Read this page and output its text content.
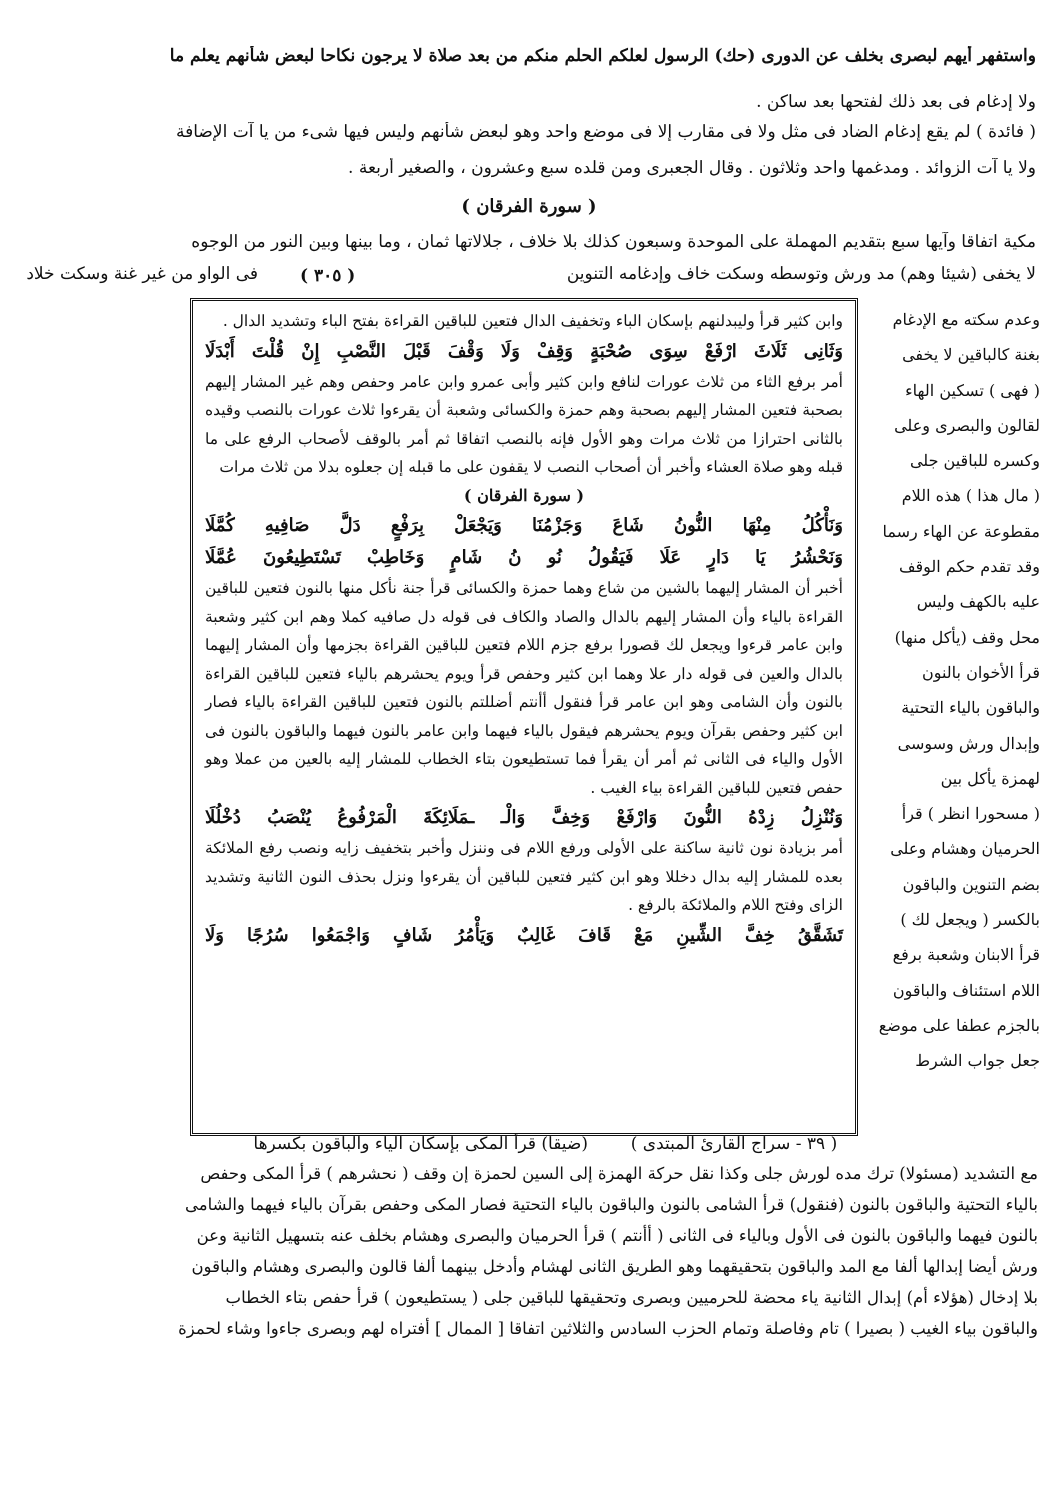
واستفهر أيهم لبصرى بخلف عن الدورى (حك) الرسول لعلكم الحلم منكم من بعد صلاة لا يرجون نكاحا لبعض شأنهم يعلم ما
ولا إدغام فى بعد ذلك لفتحها بعد ساكن .
( فائدة ) لم يقع إدغام الضاد فى مثل ولا فى مقارب إلا فى موضع واحد وهو لبعض شأنهم وليس فيها شىء من يا آت الإضافة
ولا يا آت الزوائد . ومدغمها واحد وثلاثون . وقال الجعبرى ومن قلده سبع وعشرون ، والصغير أربعة .
( سورة الفرقان )
مكية اتفاقا وآيها سبع بتقديم المهملة على الموحدة وسبعون كذلك بلا خلاف ، جلالاتها ثمان ، وما بينها وبين النور من الوجوه
لا يخفى (شيئا وهم) مد ورش وتوسطه وسكت خاف وإدغامه التنوين
فى الواو من غير غنة وسكت خلاد ( ٣٠٥ )

وابن كثير قرأ وليبدلنهم بإسكان الباء وتخفيف الدال فتعين للباقين القراءة بفتح الباء وتشديد الدال .

وَثَانِى ثَلَاثَ ارْفَعْ سِوَى صُحْبَةٍ وَقِفْ وَلَا وَقْفَ قَبْلَ النَّصْبِ إِنْ قُلْتَ أَبْدَلَا

أمر برفع الثاء من ثلاث عورات لنافع وابن كثير وأبى عمرو وابن عامر وحفص وهم غير المشار إليهم بصحبة فتعين المشار إليهم بصحبة وهم حمزة والكسائى وشعبة أن يقرءوا ثلاث عورات بالنصب وقيده بالثانى احترازا من ثلاث مرات وهو الأول فإنه بالنصب اتفاقا ثم أمر بالوقف لأصحاب الرفع على ما قبله وهو صلاة العشاء وأخبر أن أصحاب النصب لا يقفون على ما قبله إن جعلوه بدلا من ثلاث مرات

( سورة الفرقان )

وَنَأْكُلُ مِنْهَا النُّونُ شَاعَ وَجَزْمُنَا وَيَجْعَلْ بِرَفْعٍ دَلَّ صَافِيهِ كُمَّلَا

وَنَحْشُرُ يَا دَارٍ عَلَا فَيَقُولُ نُو نُ شَامٍ وَخَاطِبْ تَسْتَطِيعُونَ عُمَّلَا

أخبر أن المشار إليهما بالشين من شاع وهما حمزة والكسائى قرأ جنة نأكل منها بالنون فتعين للباقين القراءة بالياء وأن المشار إليهم بالدال والصاد والكاف فى قوله دل صافيه كملا وهم ابن كثير وشعبة وابن عامر قرءوا ويجعل لك قصورا برفع جزم اللام فتعين للباقين القراءة بجزمها وأن المشار إليهما بالدال والعين فى قوله دار علا وهما ابن كثير وحفص قرأ ويوم يحشرهم بالياء فتعين للباقين القراءة بالنون وأن الشامى وهو ابن عامر قرأ فنقول أأنتم أضللتم بالنون فتعين للباقين القراءة بالياء فصار ابن كثير وحفص بقرآن ويوم يحشرهم فيقول بالياء فيهما وابن عامر بالنون فيهما والباقون بالنون فى الأول والياء فى الثانى ثم أمر أن يقرأ فما تستطيعون بتاء الخطاب للمشار إليه بالعين من عملا وهو حفص فتعين للباقين القراءة بياء الغيب .

وَنُنْزِلُ زِدْهُ النُّونَ وَارْفَعْ وَخِفَّ وَالْـ ـمَلَائِكَةَ الْمَرْفُوعُ يُنْصَبُ دُخْلُلَا

أمر بزيادة نون ثانية ساكنة على الأولى ورفع اللام فى وننزل وأخبر بتخفيف زايه ونصب رفع الملائكة بعده للمشار إليه بدال دخللا وهو ابن كثير فتعين للباقين أن يقرءوا ونزل بحذف النون الثانية وتشديد الزاى وفتح اللام والملائكة بالرفع .

تَشَقَّقُ خِفَّ الشِّينِ مَعْ قَافَ غَالِبٌ وَيَأْمُرُ شَافٍ وَاجْمَعُوا سُرُجًا وَلَا

وعدم سكته مع الإدغام
بغنة كالباقين لا يخفى
( فهى ) تسكين الهاء
لقالون والبصرى وعلى
وكسره للباقين جلى
( مال هذا ) هذه اللام
مقطوعة عن الهاء رسما
وقد تقدم حكم الوقف
عليه بالكهف وليس
محل وقف (يأكل منها)
قرأ الأخوان بالنون
والباقون بالياء التحتية
وإبدال ورش وسوسى
لهمزة يأكل بين
( مسحورا انظر ) قرأ
الحرميان وهشام وعلى
بضم التنوين والباقون
بالكسر ( ويجعل لك )
قرأ الابنان وشعبة برفع
اللام استئناف والباقون
بالجزم عطفا على موضع
جعل جواب الشرط
(ضيقا) قرأ المكى بإسكان الياء والباقون بكسرها	( ٣٩ - سراج القارئ المبتدى )
مع التشديد (مسئولا) ترك مده لورش جلى وكذا نقل حركة الهمزة إلى السين لحمزة إن وقف ( نحشرهم ) قرأ المكى وحفص
بالياء التحتية والباقون بالنون (فنقول) قرأ الشامى بالنون والباقون بالياء التحتية فصار المكى وحفص بقرآن بالياء فيهما والشامى
بالنون فيهما والباقون بالنون فى الأول وبالياء فى الثانى ( أأنتم ) قرأ الحرميان والبصرى وهشام بخلف عنه بتسهيل الثانية وعن
ورش أيضا إبدالها ألفا مع المد والباقون بتحقيقهما وهو الطريق الثانى لهشام وأدخل بينهما ألفا قالون والبصرى وهشام والباقون
بلا إدخال (هؤلاء أم) إبدال الثانية ياء محضة للحرميين وبصرى وتحقيقها للباقين جلى ( يستطيعون ) قرأ حفص بتاء الخطاب
والباقون بياء الغيب ( بصيرا ) تام وفاصلة وتمام الحزب السادس والثلاثين اتفاقا [ الممال ] أفتراه لهم وبصرى جاءوا وشاء لحمزة
